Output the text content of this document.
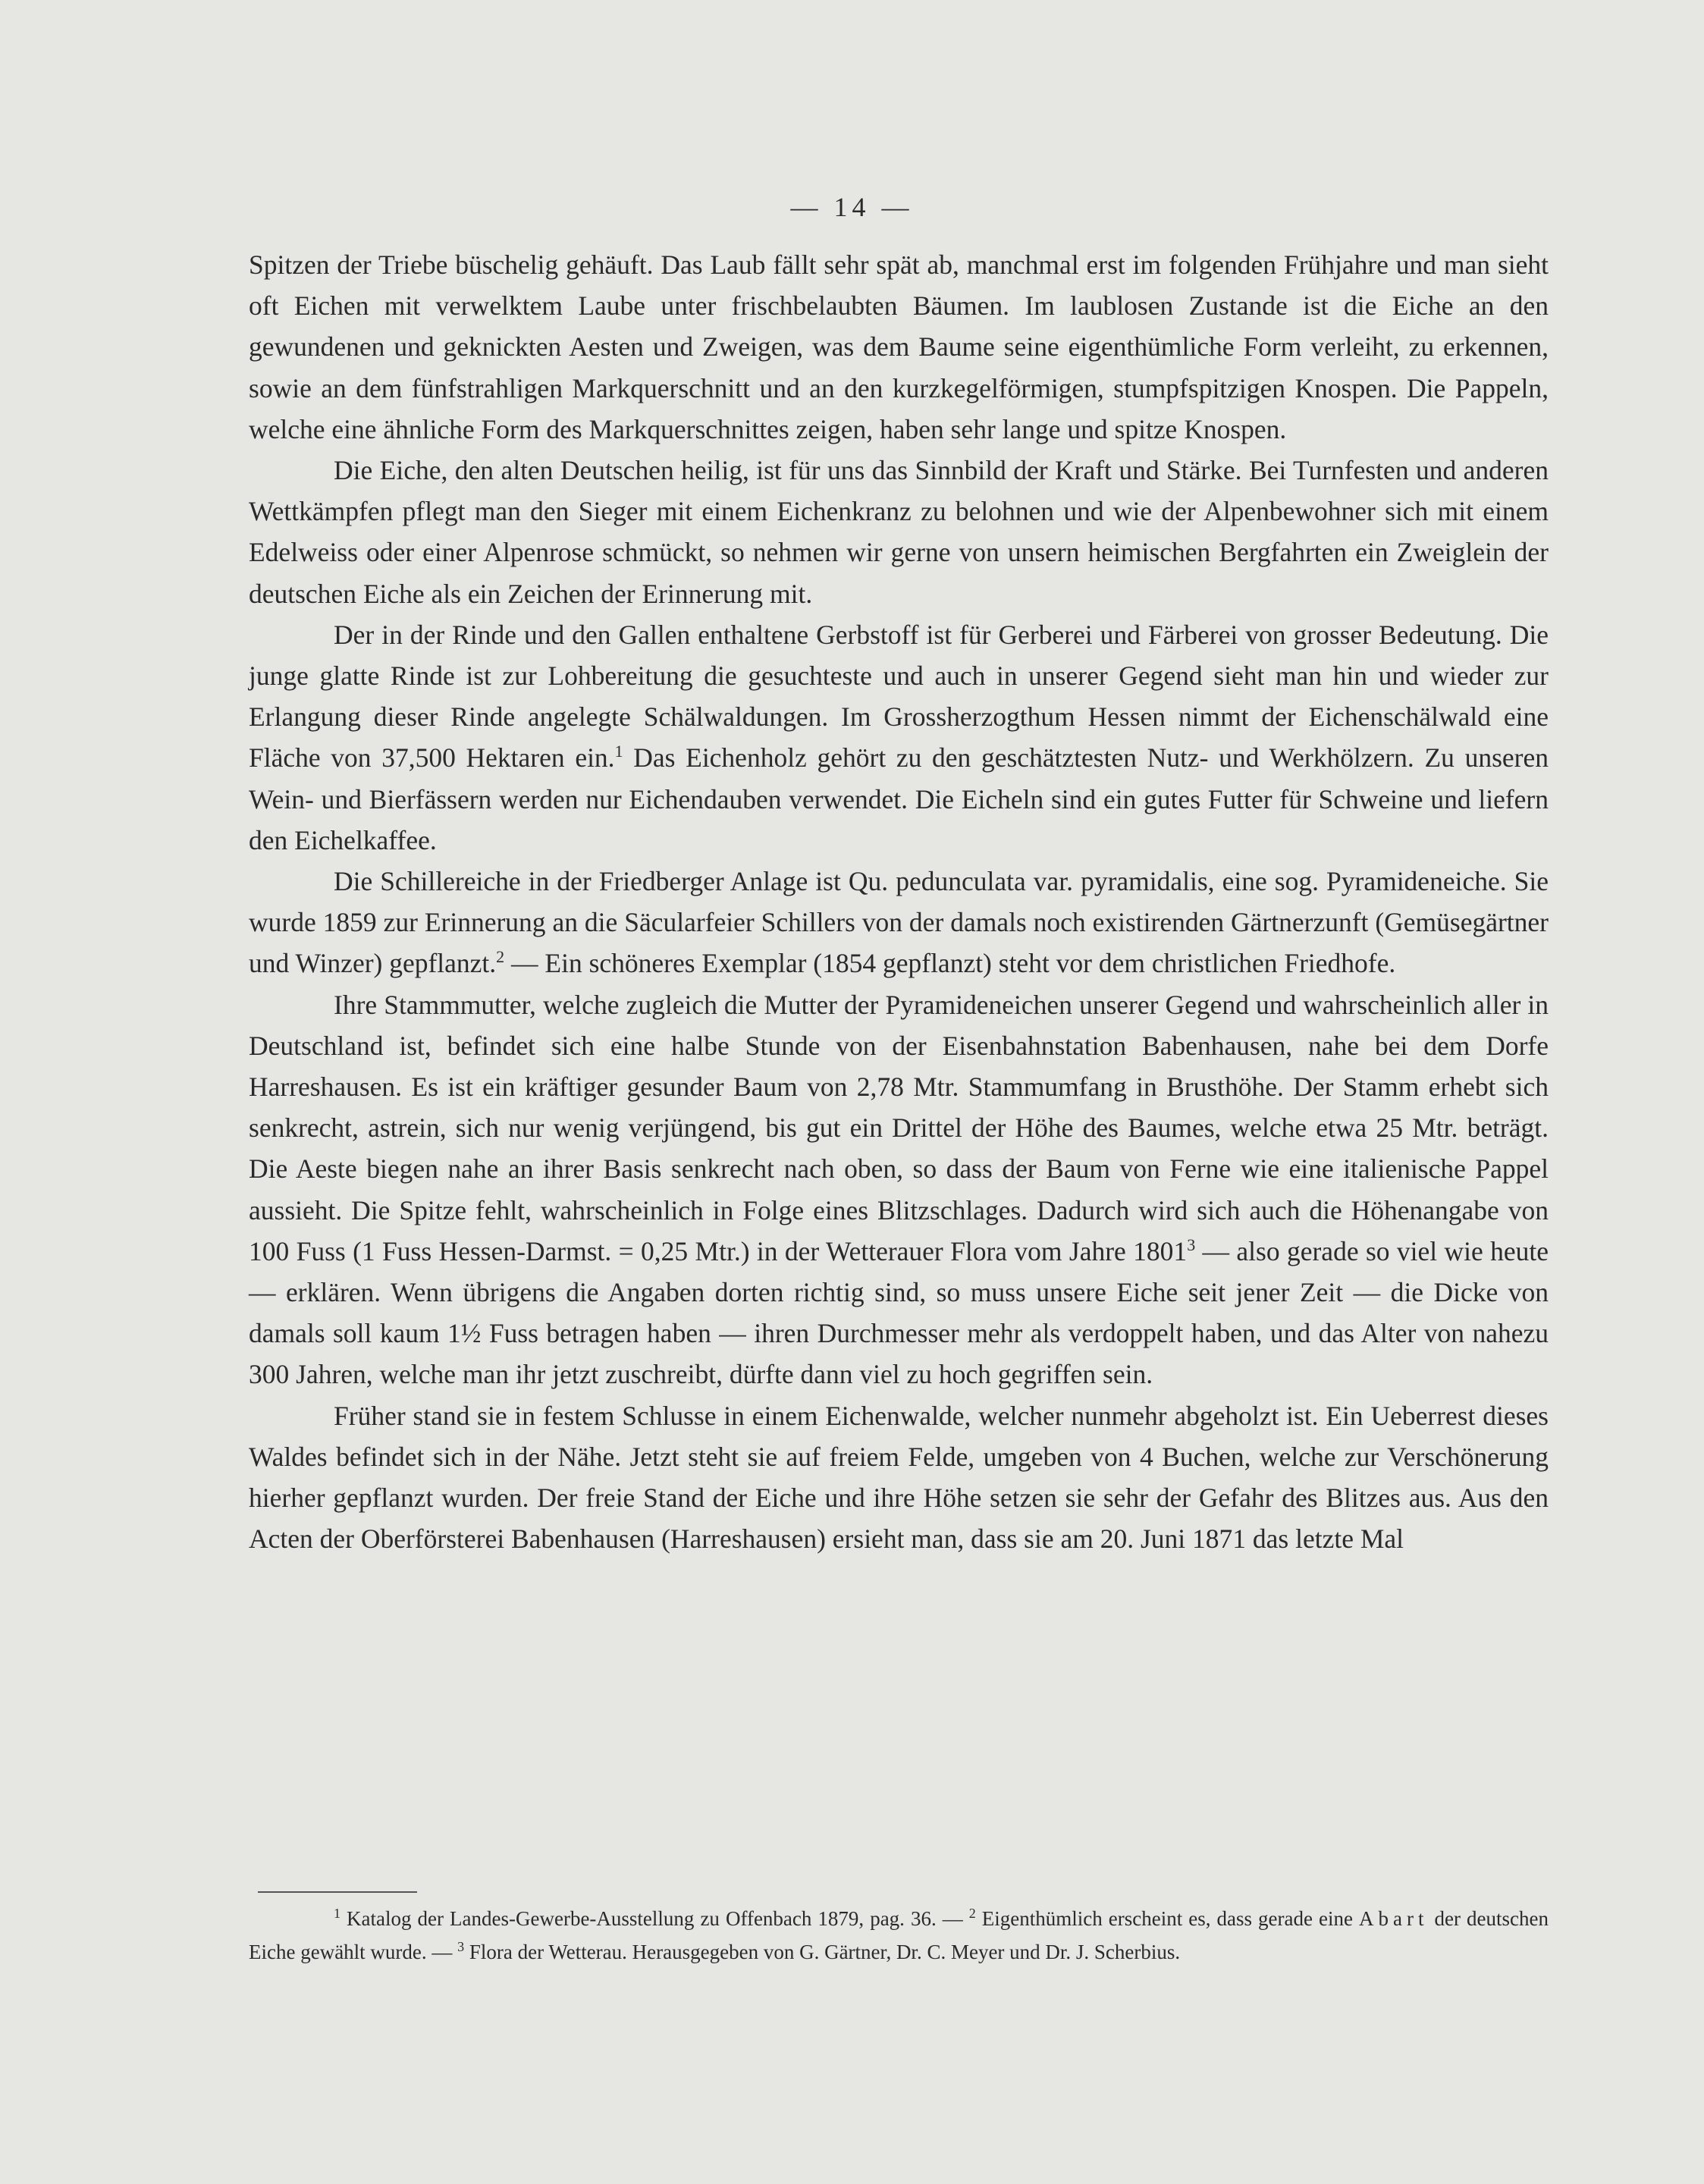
— 14 —

Spitzen der Triebe büschelig gehäuft. Das Laub fällt sehr spät ab, manchmal erst im folgenden Frühjahre und man sieht oft Eichen mit verwelktem Laube unter frischbelaubten Bäumen. Im laublosen Zustande ist die Eiche an den gewundenen und geknickten Aesten und Zweigen, was dem Baume seine eigenthümliche Form verleiht, zu erkennen, sowie an dem fünfstrahligen Markquerschnitt und an den kurzkegelförmigen, stumpfspitzigen Knospen. Die Pappeln, welche eine ähnliche Form des Markquerschnittes zeigen, haben sehr lange und spitze Knospen.

Die Eiche, den alten Deutschen heilig, ist für uns das Sinnbild der Kraft und Stärke. Bei Turnfesten und anderen Wettkämpfen pflegt man den Sieger mit einem Eichenkranz zu belohnen und wie der Alpenbewohner sich mit einem Edelweiss oder einer Alpenrose schmückt, so nehmen wir gerne von unsern heimischen Bergfahrten ein Zweiglein der deutschen Eiche als ein Zeichen der Erinnerung mit.

Der in der Rinde und den Gallen enthaltene Gerbstoff ist für Gerberei und Färberei von grosser Bedeutung. Die junge glatte Rinde ist zur Lohbereitung die gesuchteste und auch in unserer Gegend sieht man hin und wieder zur Erlangung dieser Rinde angelegte Schälwaldungen. Im Grossherzogthum Hessen nimmt der Eichenschälwald eine Fläche von 37,500 Hektaren ein.$^1$ Das Eichenholz gehört zu den geschätztesten Nutz- und Werkhölzern. Zu unseren Wein- und Bierfässern werden nur Eichendauben verwendet. Die Eicheln sind ein gutes Futter für Schweine und liefern den Eichelkaffee.

Die Schillereiche in der Friedberger Anlage ist Qu. pedunculata var. pyramidalis, eine sog. Pyramideneiche. Sie wurde 1859 zur Erinnerung an die Säcularfeier Schillers von der damals noch existirenden Gärtnerzunft (Gemüsegärtner und Winzer) gepflanzt.$^2$ — Ein schöneres Exemplar (1854 gepflanzt) steht vor dem christlichen Friedhofe.

Ihre Stammmutter, welche zugleich die Mutter der Pyramideneichen unserer Gegend und wahrscheinlich aller in Deutschland ist, befindet sich eine halbe Stunde von der Eisenbahnstation Babenhausen, nahe bei dem Dorfe Harreshausen. Es ist ein kräftiger gesunder Baum von 2,78 Mtr. Stammumfang in Brusthöhe. Der Stamm erhebt sich senkrecht, astrein, sich nur wenig verjüngend, bis gut ein Drittel der Höhe des Baumes, welche etwa 25 Mtr. beträgt. Die Aeste biegen nahe an ihrer Basis senkrecht nach oben, so dass der Baum von Ferne wie eine italienische Pappel aussieht. Die Spitze fehlt, wahrscheinlich in Folge eines Blitzschlages. Dadurch wird sich auch die Höhenangabe von 100 Fuss (1 Fuss Hessen-Darmst. = 0,25 Mtr.) in der Wetterauer Flora vom Jahre 1801$^3$ — also gerade so viel wie heute — erklären. Wenn übrigens die Angaben dorten richtig sind, so muss unsere Eiche seit jener Zeit — die Dicke von damals soll kaum 1½ Fuss betragen haben — ihren Durchmesser mehr als verdoppelt haben, und das Alter von nahezu 300 Jahren, welche man ihr jetzt zuschreibt, dürfte dann viel zu hoch gegriffen sein.

Früher stand sie in festem Schlusse in einem Eichenwalde, welcher nunmehr abgeholzt ist. Ein Ueberrest dieses Waldes befindet sich in der Nähe. Jetzt steht sie auf freiem Felde, umgeben von 4 Buchen, welche zur Verschönerung hierher gepflanzt wurden. Der freie Stand der Eiche und ihre Höhe setzen sie sehr der Gefahr des Blitzes aus. Aus den Acten der Oberförsterei Babenhausen (Harreshausen) ersieht man, dass sie am 20. Juni 1871 das letzte Mal

$^1$ Katalog der Landes-Gewerbe-Ausstellung zu Offenbach 1879, pag. 36. — $^2$ Eigenthümlich erscheint es, dass gerade eine Abart der deutschen Eiche gewählt wurde. — $^3$ Flora der Wetterau. Herausgegeben von G. Gärtner, Dr. C. Meyer und Dr. J. Scherbius.
